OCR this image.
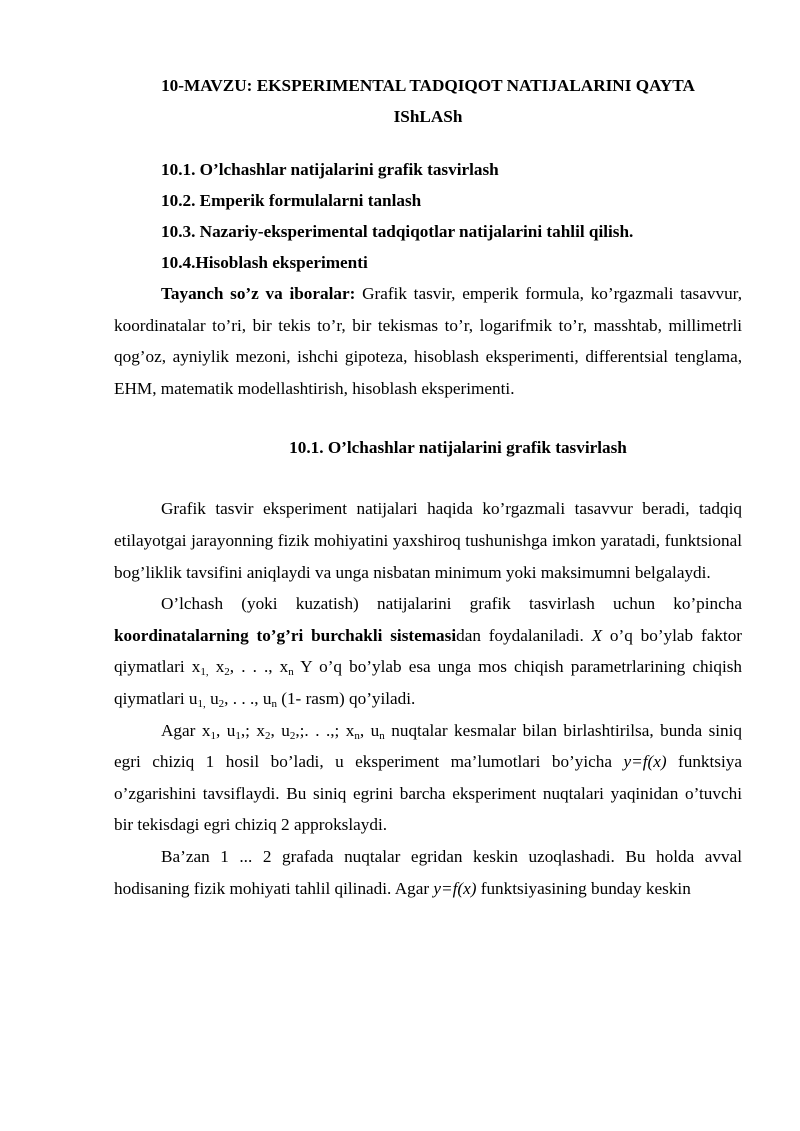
10-MAVZU: EKSPERIMENTAL TADQIQOT NATIJALARINI QAYTA
IShLASh
10.1. O’lchashlar natijalarini grafik tasvirlash
10.2. Emperik formulalarni tanlash
10.3. Nazariy-eksperimental tadqiqotlar natijalarini tahlil qilish.
10.4.Hisoblash eksperimenti

Tayanch so’z va iboralar: Grafik tasvir, emperik formula, ko’rgazmali tasavvur, koordinatalar to’ri, bir tekis to’r, bir tekismas to’r, logarifmik to’r, masshtab, millimetrli qog’oz, ayniylik mezoni, ishchi gipoteza, hisoblash eksperimenti, differentsial tenglama, EHM, matematik modellashtirish, hisoblash eksperimenti.

10.1. O’lchashlar natijalarini grafik tasvirlash

Grafik tasvir eksperiment natijalari haqida ko’rgazmali tasavvur beradi, tadqiq etilayotgai jarayonning fizik mohiyatini yaxshiroq tushunishga imkon yaratadi, funktsional bog’liklik tavsifini aniqlaydi va unga nisbatan minimum yoki maksimumni belgalaydi.

O’lchash (yoki kuzatish) natijalarini grafik tasvirlash uchun ko’pincha koordinatalarning to’g’ri burchakli sistemasidan foydalaniladi. X o’q bo’ylab faktor qiymatlari $x_{1,}$ $x_2$, . . ., $x_n$ Y o’q bo’ylab esa unga mos chiqish parametrlarining chiqish qiymatlari $u_{1,}$ $u_2$, . . ., $u_n$ (1- rasm) qo’yiladi.

Agar $x_1$, $u_1$,; $x_2$, $u_2$,;. . .,; $x_n$, $u_n$ nuqtalar kesmalar bilan birlashtirilsa, bunda siniq egri chiziq 1 hosil bo’ladi, u eksperiment ma’lumotlari bo’yicha y=f(x) funktsiya o’zgarishini tavsiflaydi. Bu siniq egrini barcha eksperiment nuqtalari yaqinidan o’tuvchi bir tekisdagi egri chiziq 2 approkslaydi.

Ba’zan 1 ... 2 grafada nuqtalar egridan keskin uzoqlashadi. Bu holda avval hodisaning fizik mohiyati tahlil qilinadi. Agar y=f(x) funktsiyasining bunday keskin
